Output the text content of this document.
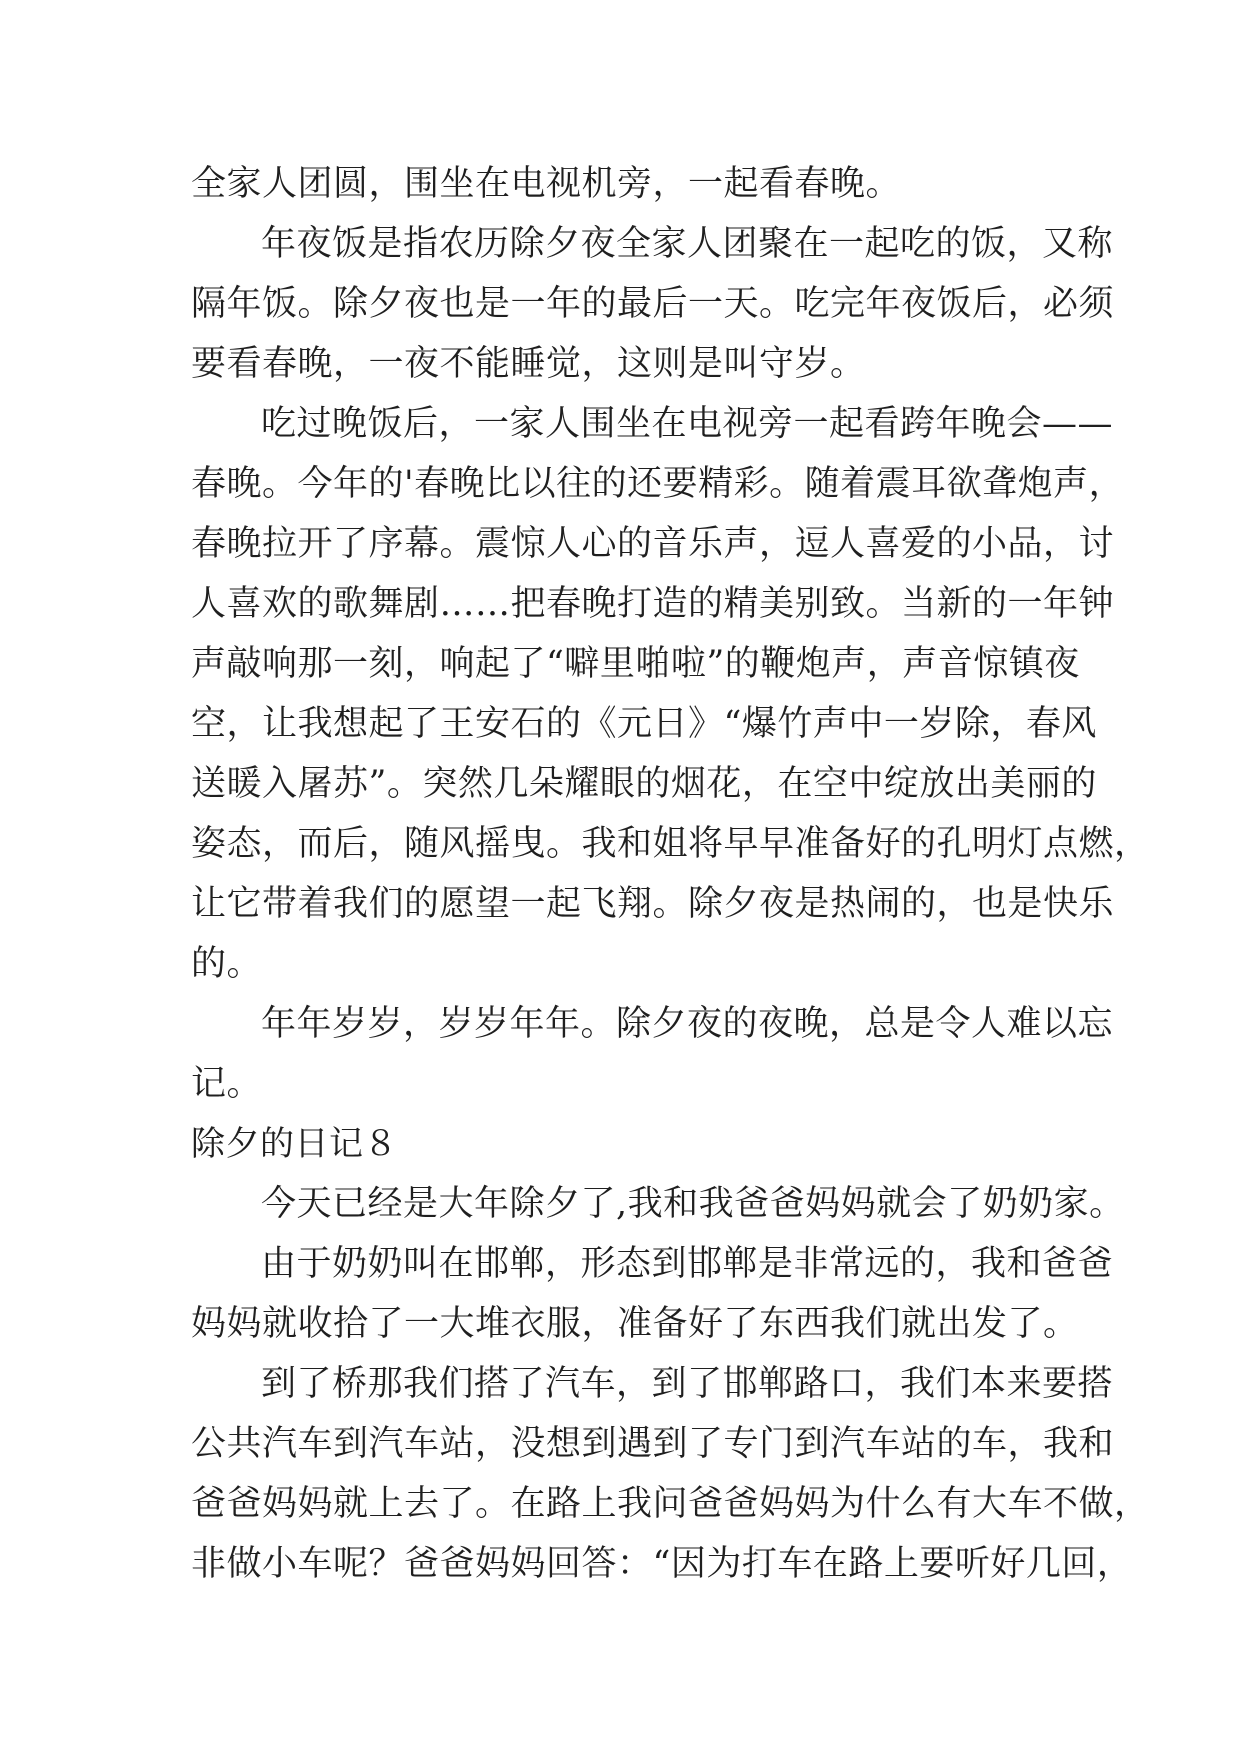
全家人团圆，围坐在电视机旁，一起看春晚。
年夜饭是指农历除夕夜全家人团聚在一起吃的饭，又称
隔年饭。除夕夜也是一年的最后一天。吃完年夜饭后，必须
要看春晚，一夜不能睡觉，这则是叫守岁。
吃过晚饭后，一家人围坐在电视旁一起看跨年晚会——
春晚。今年的'春晚比以往的还要精彩。随着震耳欲聋炮声，
春晚拉开了序幕。震惊人心的音乐声，逗人喜爱的小品，讨
人喜欢的歌舞剧……把春晚打造的精美别致。当新的一年钟
声敲响那一刻，响起了“噼里啪啦”的鞭炮声，声音惊镇夜
空，让我想起了王安石的《元日》“爆竹声中一岁除，春风
送暖入屠苏”。突然几朵耀眼的烟花，在空中绽放出美丽的
姿态，而后，随风摇曳。我和姐将早早准备好的孔明灯点燃，
让它带着我们的愿望一起飞翔。除夕夜是热闹的，也是快乐
的。
年年岁岁，岁岁年年。除夕夜的夜晚，总是令人难以忘
记。
除夕的日记８
今天已经是大年除夕了,我和我爸爸妈妈就会了奶奶家。
由于奶奶叫在邯郸，形态到邯郸是非常远的，我和爸爸
妈妈就收拾了一大堆衣服，准备好了东西我们就出发了。
到了桥那我们搭了汽车，到了邯郸路口，我们本来要搭
公共汽车到汽车站，没想到遇到了专门到汽车站的车，我和
爸爸妈妈就上去了。在路上我问爸爸妈妈为什么有大车不做，
非做小车呢？爸爸妈妈回答：“因为打车在路上要听好几回，
